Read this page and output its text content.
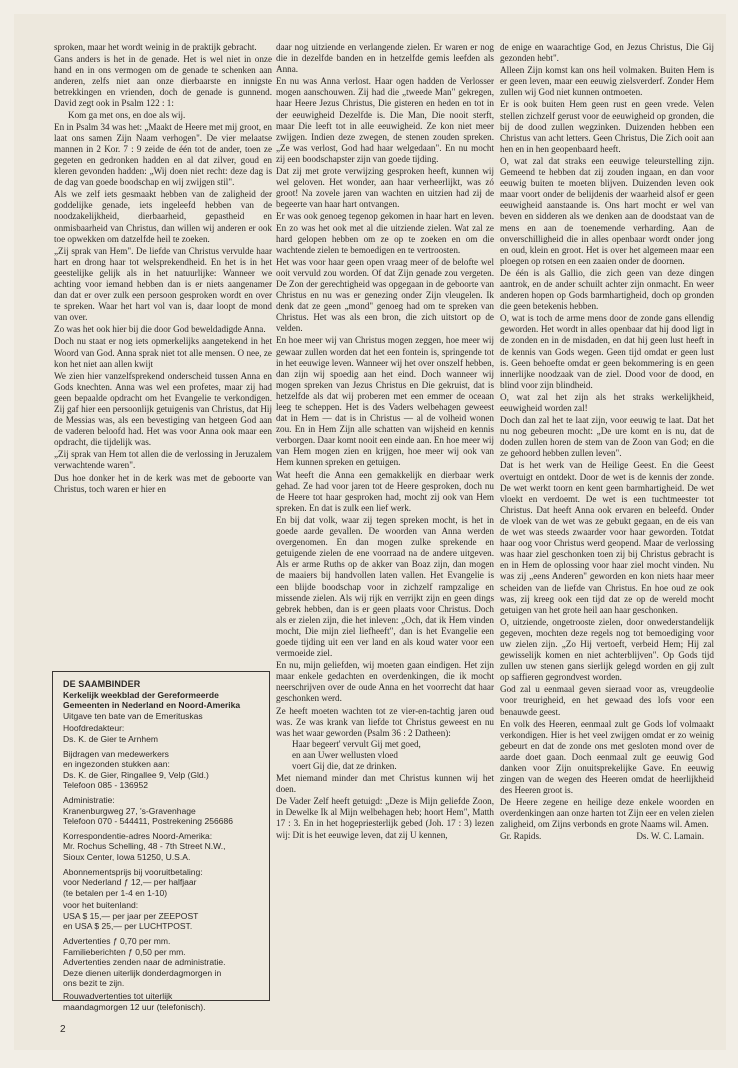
sproken, maar het wordt weinig in de praktijk gebracht.

Gans anders is het in de genade. Het is wel niet in onze hand en in ons vermogen om de genade te schenken aan anderen, zelfs niet aan onze dierbaarste en innigste betrekkingen en vrienden, doch de genade is gunnend. David zegt ook in Psalm 122 : 1:

Kom ga met ons, en doe als wij.

En in Psalm 34 was het: „Maakt de Heere met mij groot, en laat ons samen Zijn Naam verhogen". De vier melaatse mannen in 2 Kor. 7 : 9 zeide de één tot de ander, toen ze gegeten en gedronken hadden en al dat zilver, goud en kleren gevonden hadden: „Wij doen niet recht: deze dag is de dag van goede boodschap en wij zwijgen stil".

Als we zelf iets gesmaakt hebben van de zaligheid der goddelijke genade, iets ingeleefd hebben van de noodzakelijkheid, dierbaarheid, gepastheid en onmisbaarheid van Christus, dan willen wij anderen er ook toe opwekken om datzelfde heil te zoeken.

„Zij sprak van Hem". De liefde van Christus vervulde haar hart en drong haar tot welsprekendheid. En het is in het geestelijke gelijk als in het natuurlijke: Wanneer we achting voor iemand hebben dan is er niets aangenamer dan dat er over zulk een persoon gesproken wordt en over te spreken. Waar het hart vol van is, daar loopt de mond van over.

Zo was het ook hier bij die door God beweldadigde Anna.

Doch nu staat er nog iets opmerkelijks aangetekend in het Woord van God. Anna sprak niet tot alle mensen. O nee, ze kon het niet aan allen kwijt

We zien hier vanzelfsprekend onderscheid tussen Anna en Gods knechten. Anna was wel een profetes, maar zij had geen bepaalde opdracht om het Evangelie te verkondigen. Zij gaf hier een persoonlijk getuigenis van Christus, dat Hij de Messias was, als een bevestiging van hetgeen God aan de vaderen beloofd had. Het was voor Anna ook maar een opdracht, die tijdelijk was.

„Zij sprak van Hem tot allen die de verlossing in Jeruzalem verwachtende waren".

Dus hoe donker het in de kerk was met de geboorte van Christus, toch waren er hier en

DE SAAMBINDER
Kerkelijk weekblad der Gereformeerde Gemeenten in Nederland en Noord-Amerika
Uitgave ten bate van de Emerituskas
Hoofdredakteur:
Ds. K. de Gier te Arnhem
Bijdragen van medewerkers
en ingezonden stukken aan:
Ds. K. de Gier, Ringallee 9, Velp (Gld.)
Telefoon 085 - 136952
Administratie:
Kranenburgweg 27, 's-Gravenhage
Telefoon 070 - 544411, Postrekening 256686
Korrespondentie-adres Noord-Amerika:
Mr. Rochus Schelling, 48 - 7th Street N.W.,
Sioux Center, Iowa 51250, U.S.A.
Abonnementsprijs bij vooruitbetaling:
voor Nederland ƒ 12,— per halfjaar
(te betalen per 1-4 en 1-10)
voor het buitenland:
USA $ 15,— per jaar per ZEEPOST
en USA $ 25,— per LUCHTPOST.
Advertenties ƒ 0,70 per mm.
Familieberichten ƒ 0,50 per mm.
Advertenties zenden naar de administratie.
Deze dienen uiterlijk donderdagmorgen in
ons bezit te zijn.
Rouwadvertenties tot uiterlijk
maandagmorgen 12 uur (telefonisch).

daar nog uitziende en verlangende zielen. Er waren er nog die in dezelfde banden en in hetzelfde gemis leefden als Anna.

En nu was Anna verlost. Haar ogen hadden de Verlosser mogen aanschouwen. Zij had die „tweede Man" gekregen, haar Heere Jezus Christus, Die gisteren en heden en tot in der eeuwigheid Dezelfde is. Die Man, Die nooit sterft, maar Die leeft tot in alle eeuwigheid. Ze kon niet meer zwijgen. Indien deze zwegen, de stenen zouden spreken. „Ze was verlost, God had haar welgedaan". En nu mocht zij een boodschapster zijn van goede tijding.

Dat zij met grote verwijzing gesproken heeft, kunnen wij wel geloven. Het wonder, aan haar verheerlijkt, was zó groot! Na zovele jaren van wachten en uitzien had zij de begeerte van haar hart ontvangen.

Er was ook genoeg tegenop gekomen in haar hart en leven. En zo was het ook met al die uitziende zielen. Wat zal ze hard gelopen hebben om ze op te zoeken en om die wachtende zielen te bemoedigen en te vertroosten.

Het was voor haar geen open vraag meer of de beloftе wel ooit vervuld zou worden. Of dat Zijn genade zou vergeten. De Zon der gerechtigheid was opgegaan in de geboorte van Christus en nu was er genezing onder Zijn vleugelen. Ik denk dat ze geen „mond" genoeg had om te spreken van Christus. Het was als een bron, die zich uitstort op de velden.

En hoe meer wij van Christus mogen zeggen, hoe meer wij gewaar zullen worden dat het een fontein is, springende tot in het eeuwige leven. Wanneer wij het over onszelf hebben, dan zijn wij spoedig aan het eind. Doch wanneer wij mogen spreken van Jezus Christus en Die gekruist, dat is hetzelfde als dat wij proberen met een emmer de oceaan leeg te scheppen. Het is des Vaders welbehagen geweest dat in Hem — dat is in Christus — al de volheid wonen zou. En in Hem Zijn alle schatten van wijsheid en kennis verborgen. Daar komt nooit een einde aan. En hoe meer wij van Hem mogen zien en krijgen, hoe meer wij ook van Hem kunnen spreken en getuigen.

Wat heeft die Anna een gemakkelijk en dierbaar werk gehad. Ze had voor jaren tot de Heere gesproken, doch nu de Heere tot haar gesproken had, mocht zij ook van Hem spreken. En dat is zulk een lief werk.

En bij dat volk, waar zij tegen spreken mocht, is het in goede aarde gevallen. De woorden van Anna werden overgenomen. En dan mogen zulke sprekende en getuigende zielen de ene voorraad na de andere uitgeven. Als er arme Ruths op de akker van Boaz zijn, dan mogen de maaiers bij handvollen laten vallen. Het Evangelie is een blijde boodschap voor in zichzelf rampzalige en missende zielen. Als wij rijk en verrijkt zijn en geen dings gebrek hebben, dan is er geen plaats voor Christus. Doch als er zielen zijn, die het inleven: „Och, dat ik Hem vinden mocht, Die mijn ziel liefheeft", dan is het Evangelie een goede tijding uit een ver land en als koud water voor een vermoeide ziel.

En nu, mijn geliefden, wij moeten gaan eindigen. Het zijn maar enkele gedachten en overdenkingen, die ik mocht neerschrijven over de oude Anna en het voorrecht dat haar geschonken werd.

Ze heeft moeten wachten tot ze vier-en-tachtig jaren oud was. Ze was krank van liefde tot Christus geweest en nu was het waar geworden (Psalm 36 : 2 Datheen):

Haar begeert' vervult Gij met goed,

en aan Uwer wellusten vloed

voert Gij die, dat ze drinken.

Met niemand minder dan met Christus kunnen wij het doen.

De Vader Zelf heeft getuigd: „Deze is Mijn geliefde Zoon, in Dewelke Ik al Mijn welbehagen heb; hoort Hem", Matth 17 : 3. En in het hogepriesterlijk gebed (Joh. 17 : 3) lezen wij: Dit is het eeuwige leven, dat zij U kennen,

de enige en waarachtige God, en Jezus Christus, Die Gij gezonden hebt".

Alleen Zijn komst kan ons heil volmaken. Buiten Hem is er geen leven, maar een eeuwig zielsverderf. Zonder Hem zullen wij God niet kunnen ontmoeten.

Er is ook buiten Hem geen rust en geen vrede. Velen stellen zichzelf gerust voor de eeuwigheid op gronden, die bij de dood zullen wegzinken. Duizenden hebben een Christus van acht letters. Geen Christus, Die Zich ooit aan hen en in hen geopenbaard heeft.

O, wat zal dat straks een eeuwige teleurstelling zijn. Gemeend te hebben dat zij zouden ingaan, en dan voor eeuwig buiten te moeten blijven. Duizenden leven ook maar voort onder de belijdenis der waarheid alsof er geen eeuwigheid aanstaande is. Ons hart mocht er wel van beven en sidderen als we denken aan de doodstaat van de mens en aan de toenemende verharding. Aan de onverschilligheid die in alles openbaar wordt onder jong en oud, klein en groot. Het is over het algemeen maar een ploegen op rotsen en een zaaien onder de doornen.

De één is als Gallio, die zich geen van deze dingen aantrok, en de ander schuilt achter zijn onmacht. En weer anderen hopen op Gods barmhartigheid, doch op gronden die geen betekenis hebben.

O, wat is toch de arme mens door de zonde gans ellendig geworden. Het wordt in alles openbaar dat hij dood ligt in de zonden en in de misdaden, en dat hij geen lust heeft in de kennis van Gods wegen. Geen tijd omdat er geen lust is. Geen behoefte omdat er geen bekommering is en geen innerlijke noodzaak van de ziel. Dood voor de dood, en blind voor zijn blindheid.

O, wat zal het zijn als het straks werkelijkheid, eeuwigheid worden zal!

Doch dan zal het te laat zijn, voor eeuwig te laat. Dat het nu nog gebeuren mocht: „De ure komt en is nu, dat de doden zullen horen de stem van de Zoon van God; en die ze gehoord hebben zullen leven".

Dat is het werk van de Heilige Geest. En die Geest overtuigt en ontdekt. Door de wet is de kennis der zonde. De wet werkt toorn en kent geen barmhartigheid. De wet vloekt en verdoemt. De wet is een tuchtmeester tot Christus. Dat heeft Anna ook ervaren en beleefd. Onder de vloek van de wet was ze gebukt gegaan, en de eis van de wet was steeds zwaarder voor haar geworden. Totdat haar oog voor Christus werd geopend. Maar de verlossing was haar ziel geschonken toen zij bij Christus gebracht is en in Hem de oplossing voor haar ziel mocht vinden. Nu was zij „eens Anderen" geworden en kon niets haar meer scheiden van de liefde van Christus. En hoe oud ze ook was, zij kreeg ook een tijd dat ze op de wereld mocht getuigen van het grote heil aan haar geschonken.

O, uitziende, ongetrooste zielen, door onwederstandelijk gegeven, mochten deze regels nog tot bemoediging voor uw zielen zijn. „Zo Hij vertoeft, verbeid Hem; Hij zal gewisselijk komen en niet achterblijven". Op Gods tijd zullen uw stenen gans sierlijk gelegd worden en gij zult op saffieren gegrondvest worden.

God zal u eenmaal geven sieraad voor as, vreugdeolie voor treurigheid, en het gewaad des lofs voor een benauwde geest.

En volk des Heeren, eenmaal zult ge Gods lof volmaakt verkondigen. Hier is het veel zwijgen omdat er zo weinig gebeurt en dat de zonde ons met gesloten mond over de aarde doet gaan. Doch eenmaal zult ge eeuwig God danken voor Zijn onuitsprekelijke Gave. En eeuwig zingen van de wegen des Heeren omdat de heerlijkheid des Heeren groot is.

De Heere zegene en heilige deze enkele woorden en overdenkingen aan onze harten tot Zijn eer en velen zielen zaligheid, om Zijns verbonds en grote Naams wil. Amen.

Gr. Rapids.	Ds. W. C. Lamain.

2
